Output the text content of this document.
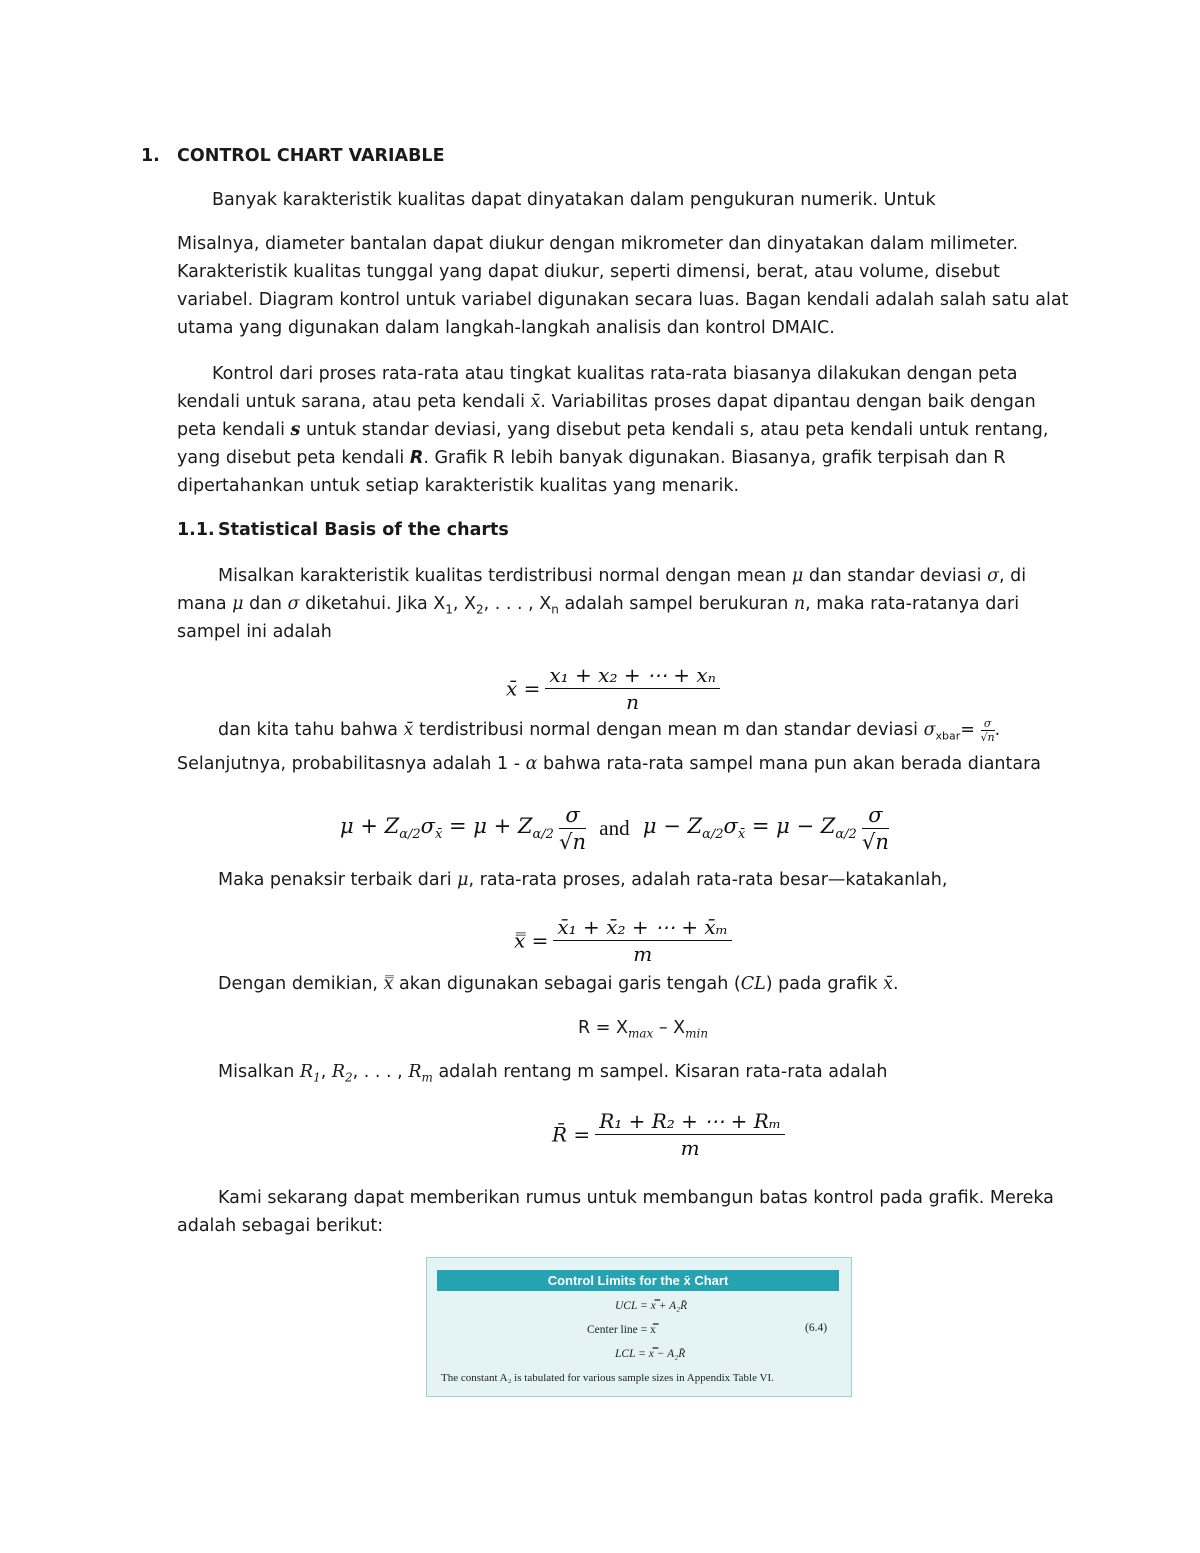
1. CONTROL CHART VARIABLE
Banyak karakteristik kualitas dapat dinyatakan dalam pengukuran numerik. Untuk
Misalnya, diameter bantalan dapat diukur dengan mikrometer dan dinyatakan dalam milimeter.
Karakteristik kualitas tunggal yang dapat diukur, seperti dimensi, berat, atau volume, disebut
variabel. Diagram kontrol untuk variabel digunakan secara luas. Bagan kendali adalah salah satu alat
utama yang digunakan dalam langkah-langkah analisis dan kontrol DMAIC.
Kontrol dari proses rata-rata atau tingkat kualitas rata-rata biasanya dilakukan dengan peta
kendali untuk sarana, atau peta kendali x̄. Variabilitas proses dapat dipantau dengan baik dengan
peta kendali s untuk standar deviasi, yang disebut peta kendali s, atau peta kendali untuk rentang,
yang disebut peta kendali R. Grafik R lebih banyak digunakan. Biasanya, grafik terpisah dan R
dipertahankan untuk setiap karakteristik kualitas yang menarik.
1.1. Statistical Basis of the charts
Misalkan karakteristik kualitas terdistribusi normal dengan mean μ dan standar deviasi σ, di
mana μ dan σ diketahui. Jika $X_1$, $X_2$, . . . , $X_n$ adalah sampel berukuran n, maka rata-ratanya dari
sampel ini adalah
x̄ = $\frac{\text{x₁ + x₂ + ⋯ + xₙ}}{n}$
dan kita tahu bahwa x̄ terdistribusi normal dengan mean m dan standar deviasi $\sigma_{xbar}= \frac{\sigma}{√n}$ .
Selanjutnya, probabilitasnya adalah 1 - α bahwa rata-rata sampel mana pun akan berada diantara
$\mu + Z_{\alpha/2}\sigma_{x̄} = \mu + Z_{\alpha/2} \frac{\sigma}{√n}$ and $\mu - Z_{\alpha/2}\sigma_{x̄} = \mu - Z_{\alpha/2} \frac{\sigma}{√n}$
Maka penaksir terbaik dari μ, rata-rata proses, adalah rata-rata besar—katakanlah,
x̿ = $\frac{\text{x̄₁ + x̄₂ + ⋯ + x̄ₘ}}{m}$
Dengan demikian, x̿ akan digunakan sebagai garis tengah (CL) pada grafik x̄.
$R = X_{max} - X_{min}$
Misalkan $R_1$, $R_2$, . . . , $R_m$ adalah rentang m sampel. Kisaran rata-rata adalah
R̄ = $\frac{\text{R₁ + R₂ + ⋯ + Rₘ}}{m}$
Kami sekarang dapat memberikan rumus untuk membangun batas kontrol pada grafik. Mereka
adalah sebagai berikut:
Control Limits for the x̄ Chart
UCL = x̿ + A₂R̄
Center line = x̿	(6.4)
LCL = x̿ − A₂R̄
The constant A₂ is tabulated for various sample sizes in Appendix Table VI.
